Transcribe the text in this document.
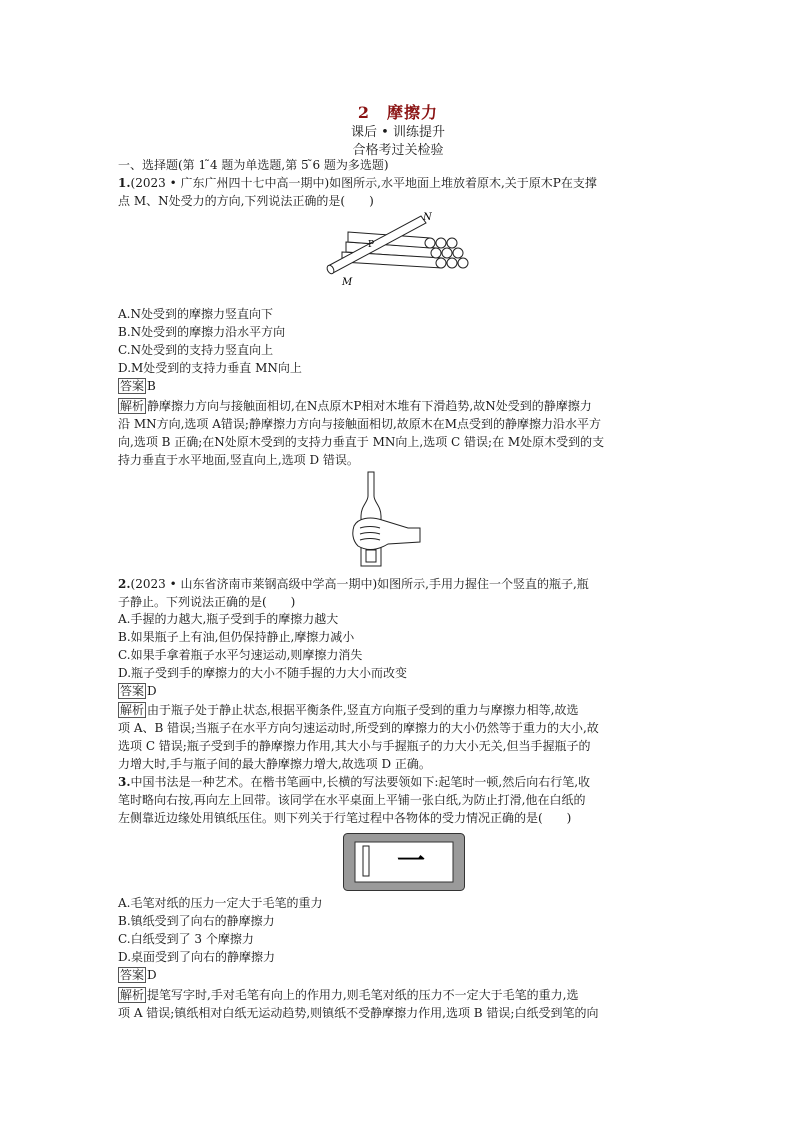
2　摩擦力
课后 • 训练提升
合格考过关检验
一、选择题(第 1 ̃4 题为单选题,第 5 ̃6 题为多选题)
1.(2023 • 广东广州四十七中高一期中)如图所示,水平地面上堆放着原木,关于原木P在支撑
点 M、N处受力的方向,下列说法正确的是(　　)
N
P
M
A.N处受到的摩擦力竖直向下
B.N处受到的摩擦力沿水平方向
C.N处受到的支持力竖直向上
D.M处受到的支持力垂直 MN向上
答案 B
解析 静摩擦力方向与接触面相切,在N点原木P相对木堆有下滑趋势,故N处受到的静摩擦力
沿 MN方向,选项 A错误;静摩擦力方向与接触面相切,故原木在M点受到的静摩擦力沿水平方
向,选项 B 正确;在N处原木受到的支持力垂直于 MN向上,选项 C 错误;在 M处原木受到的支
持力垂直于水平地面,竖直向上,选项 D 错误。
2.(2023 • 山东省济南市莱钢高级中学高一期中)如图所示,手用力握住一个竖直的瓶子,瓶
子静止。下列说法正确的是(　　)
A.手握的力越大,瓶子受到手的摩擦力越大
B.如果瓶子上有油,但仍保持静止,摩擦力减小
C.如果手拿着瓶子水平匀速运动,则摩擦力消失
D.瓶子受到手的摩擦力的大小不随手握的力大小而改变
答案 D
解析 由于瓶子处于静止状态,根据平衡条件,竖直方向瓶子受到的重力与摩擦力相等,故选
项 A、B 错误;当瓶子在水平方向匀速运动时,所受到的摩擦力的大小仍然等于重力的大小,故
选项 C 错误;瓶子受到手的静摩擦力作用,其大小与手握瓶子的力大小无关,但当手握瓶子的
力增大时,手与瓶子间的最大静摩擦力增大,故选项 D 正确。
3.中国书法是一种艺术。在楷书笔画中,长横的写法要领如下:起笔时一顿,然后向右行笔,收
笔时略向右按,再向左上回带。该同学在水平桌面上平铺一张白纸,为防止打滑,他在白纸的
左侧靠近边缘处用镇纸压住。则下列关于行笔过程中各物体的受力情况正确的是(　　)
一
A.毛笔对纸的压力一定大于毛笔的重力
B.镇纸受到了向右的静摩擦力
C.白纸受到了 3 个摩擦力
D.桌面受到了向右的静摩擦力
答案 D
解析 提笔写字时,手对毛笔有向上的作用力,则毛笔对纸的压力不一定大于毛笔的重力,选
项 A 错误;镇纸相对白纸无运动趋势,则镇纸不受静摩擦力作用,选项 B 错误;白纸受到笔的向
